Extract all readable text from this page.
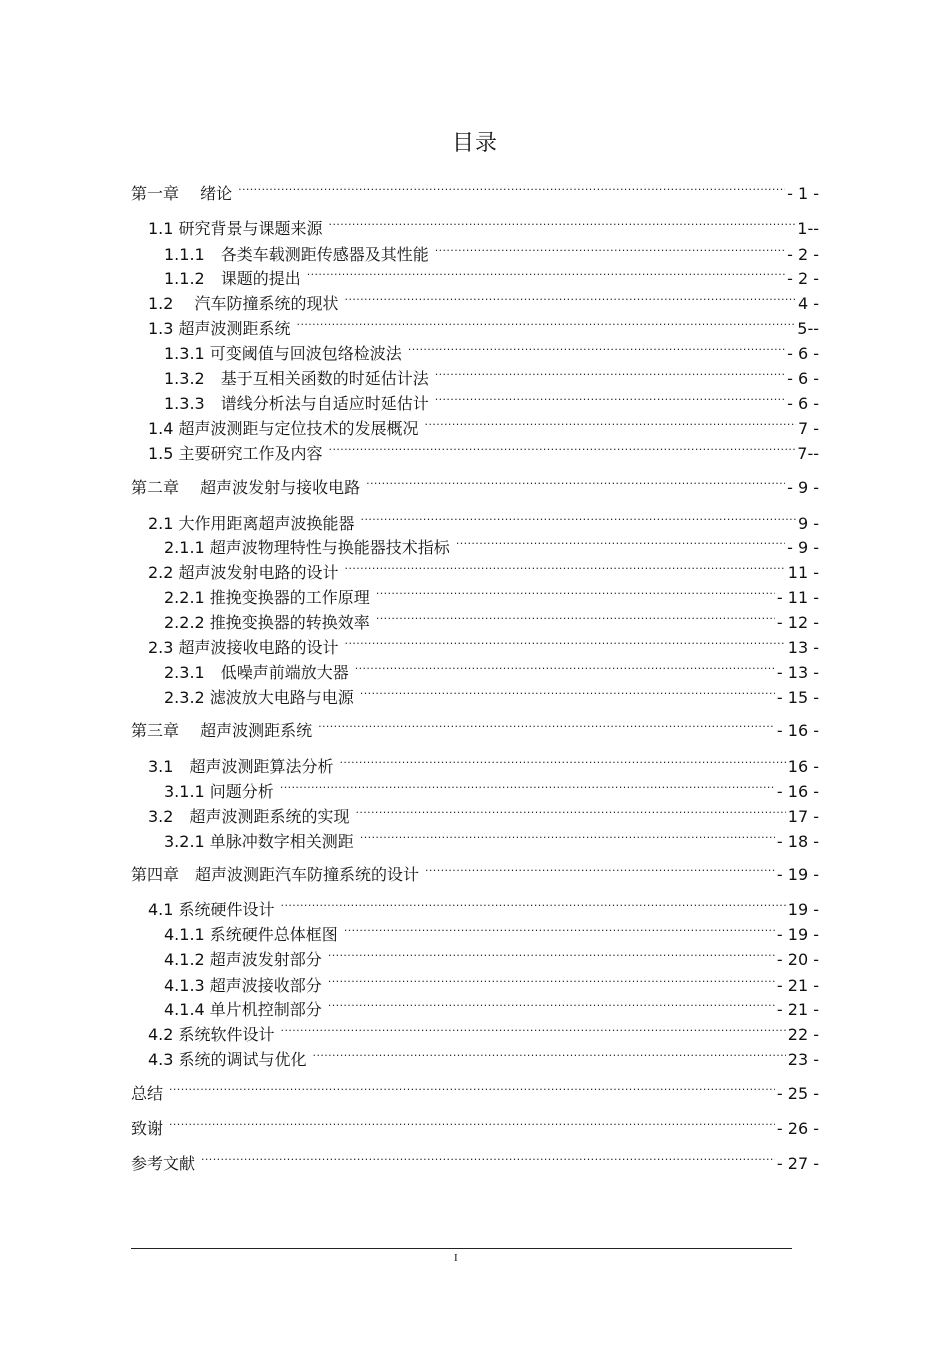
目录
第一章　 绪论 .....	- 1 -
1.1 研究背景与课题来源 .....	1--
1.1.1　各类车载测距传感器及其性能 .....	- 2 -
1.1.2　课题的提出 .....	- 2 -
1.2　 汽车防撞系统的现状 .....	4 -
1.3 超声波测距系统 .....	5--
1.3.1 可变阈值与回波包络检波法 .....	- 6 -
1.3.2　基于互相关函数的时延估计法 .....	- 6 -
1.3.3　谱线分析法与自适应时延估计 .....	- 6 -
1.4 超声波测距与定位技术的发展概况 .....	7 -
1.5 主要研究工作及内容 .....	7--
第二章　 超声波发射与接收电路 .....	- 9 -
2.1 大作用距离超声波换能器 .....	9 -
2.1.1 超声波物理特性与换能器技术指标 .....	- 9 -
2.2 超声波发射电路的设计 .....	11 -
2.2.1 推挽变换器的工作原理 .....	- 11 -
2.2.2 推挽变换器的转换效率 .....	- 12 -
2.3 超声波接收电路的设计 .....	13 -
2.3.1　低噪声前端放大器 .....	- 13 -
2.3.2 滤波放大电路与电源 .....	- 15 -
第三章　 超声波测距系统 .....	- 16 -
3.1　超声波测距算法分析 .....	16 -
3.1.1 问题分析 .....	- 16 -
3.2　超声波测距系统的实现 .....	17 -
3.2.1 单脉冲数字相关测距 .....	- 18 -
第四章　超声波测距汽车防撞系统的设计 .....	- 19 -
4.1 系统硬件设计 .....	19 -
4.1.1 系统硬件总体框图 .....	- 19 -
4.1.2 超声波发射部分 .....	- 20 -
4.1.3 超声波接收部分 .....	- 21 -
4.1.4 单片机控制部分 .....	- 21 -
4.2 系统软件设计 .....	22 -
4.3 系统的调试与优化 .....	23 -
总结 .....	- 25 -
致谢 .....	- 26 -
参考文献 .....	- 27 -
I
